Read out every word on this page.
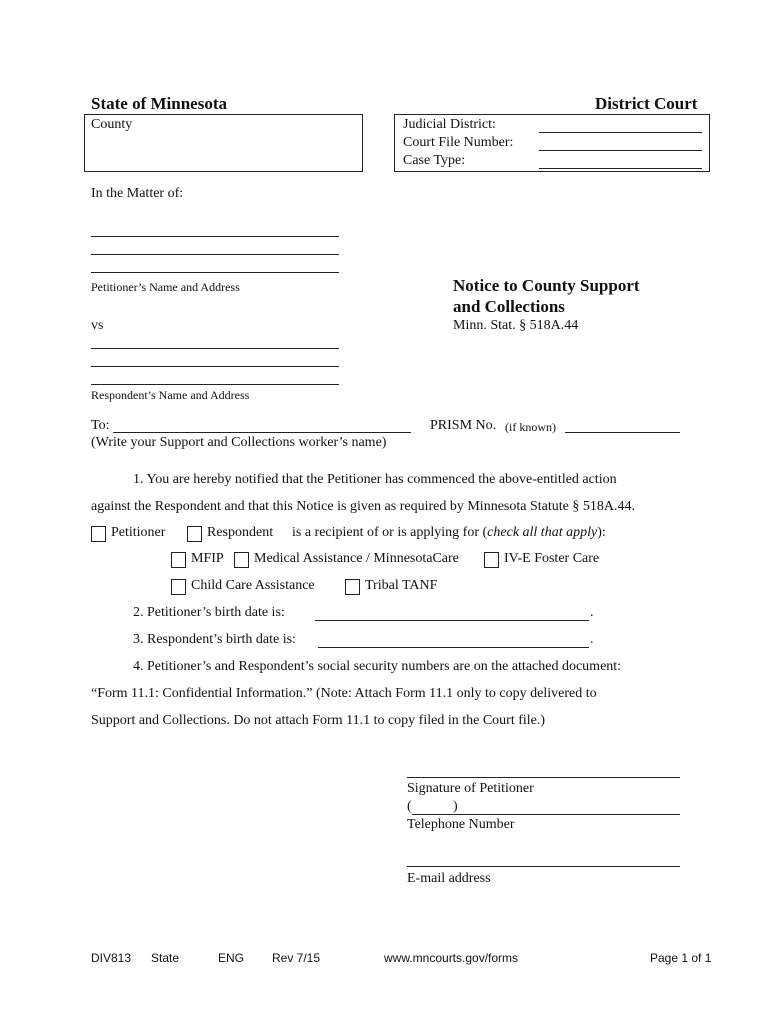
State of Minnesota	District Court
County	Judicial District:
Court File Number:
Case Type:
In the Matter of:
Petitioner’s Name and Address
vs
Respondent’s Name and Address
Notice to County Support
and Collections
Minn. Stat. § 518A.44
To:
(Write your Support and Collections worker’s name)
PRISM No. (if known)
1. You are hereby notified that the Petitioner has commenced the above-entitled action
against the Respondent and that this Notice is given as required by Minnesota Statute § 518A.44.
Petitioner	Respondent is a recipient of or is applying for (check all that apply):
MFIP Medical Assistance / MinnesotaCare	IV-E Foster Care
Child Care Assistance	Tribal TANF
2. Petitioner’s birth date is:	.
3. Respondent’s birth date is:	.
4. Petitioner’s and Respondent’s social security numbers are on the attached document:
“Form 11.1: Confidential Information.” (Note: Attach Form 11.1 only to copy delivered to
Support and Collections. Do not attach Form 11.1 to copy filed in the Court file.)
Signature of Petitioner
(	)
Telephone Number
E-mail address
DIV813 State	ENG Rev 7/15	www.mncourts.gov/forms	Page 1 of 1
